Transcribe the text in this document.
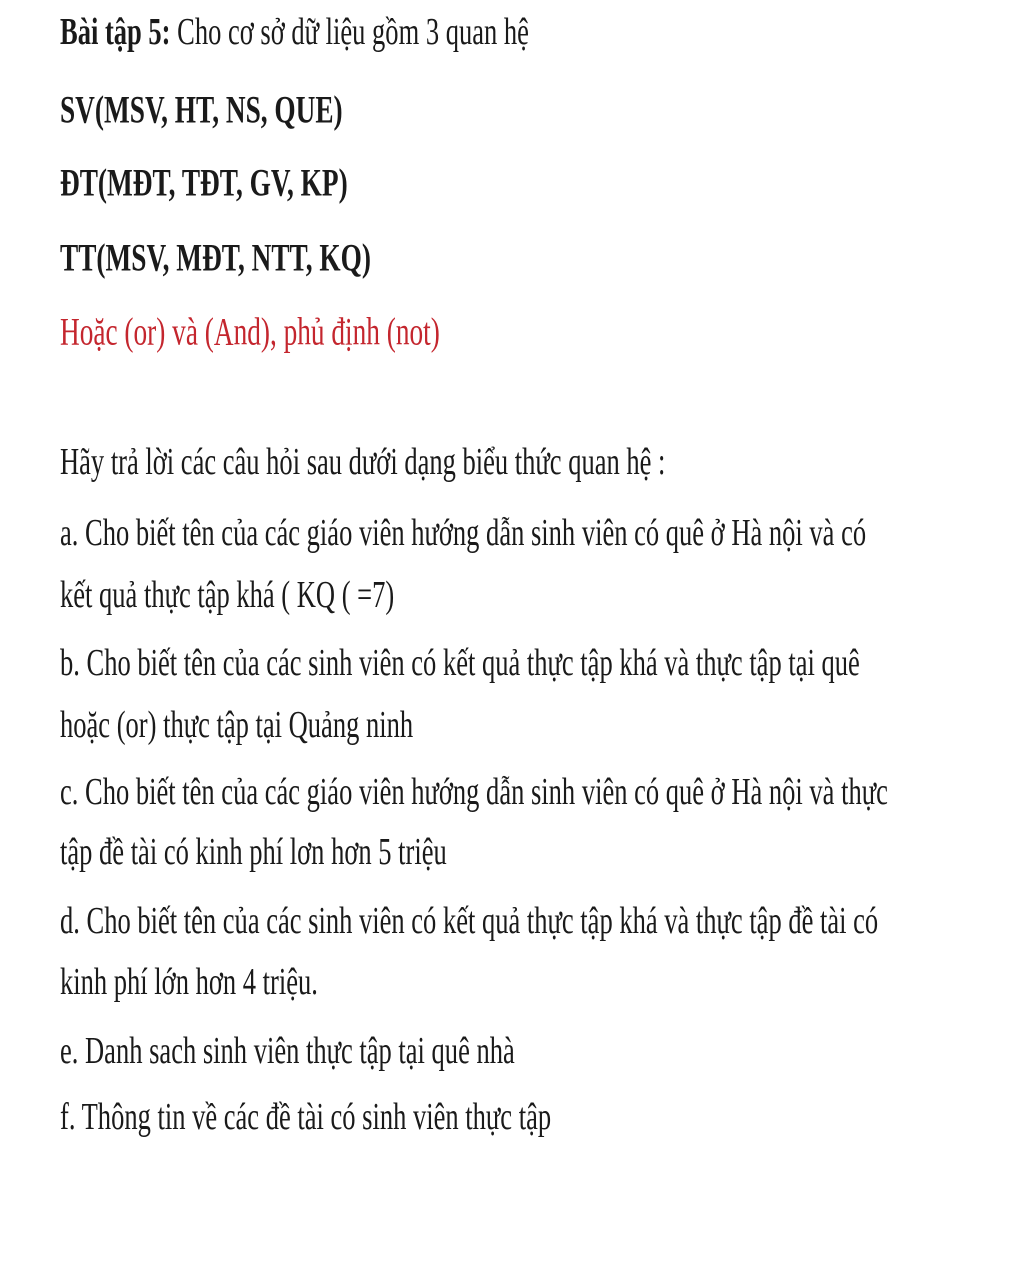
Bài tập 5: Cho cơ sở dữ liệu gồm 3 quan hệ
SV(MSV, HT, NS, QUE)
ĐT(MĐT, TĐT, GV, KP)
TT(MSV, MĐT, NTT, KQ)
Hoặc (or) và (And), phủ định (not)
Hãy trả lời các câu hỏi sau dưới dạng biểu thức quan hệ :
a. Cho biết tên của các giáo viên hướng dẫn sinh viên có quê ở Hà nội và có
kết quả thực tập khá ( KQ ( =7)
b. Cho biết tên của các sinh viên có kết quả thực tập khá và thực tập tại quê
hoặc (or) thực tập tại Quảng ninh
c. Cho biết tên của các giáo viên hướng dẫn sinh viên có quê ở Hà nội và thực
tập đề tài có kinh phí lơn hơn 5 triệu
d. Cho biết tên của các sinh viên có kết quả thực tập khá và thực tập đề tài có
kinh phí lớn hơn 4 triệu.
e. Danh sach sinh viên thực tập tại quê nhà
f. Thông tin về các đề tài có sinh viên thực tập
